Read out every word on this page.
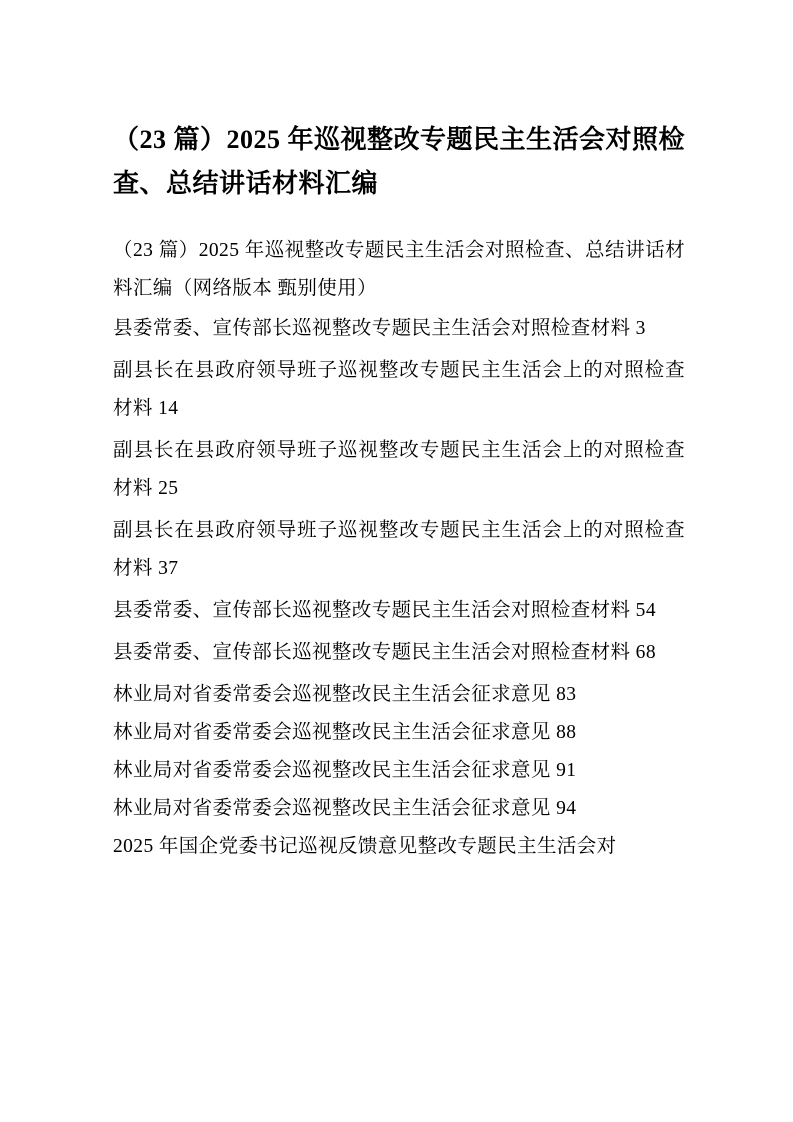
（23 篇）2025 年巡视整改专题民主生活会对照检查、总结讲话材料汇编

（23 篇）2025 年巡视整改专题民主生活会对照检查、总结讲话材料汇编（网络版本 甄别使用）

县委常委、宣传部长巡视整改专题民主生活会对照检查材料 3

副县长在县政府领导班子巡视整改专题民主生活会上的对照检查材料 14

副县长在县政府领导班子巡视整改专题民主生活会上的对照检查材料 25

副县长在县政府领导班子巡视整改专题民主生活会上的对照检查材料 37

县委常委、宣传部长巡视整改专题民主生活会对照检查材料 54

县委常委、宣传部长巡视整改专题民主生活会对照检查材料 68

林业局对省委常委会巡视整改民主生活会征求意见 83

林业局对省委常委会巡视整改民主生活会征求意见 88

林业局对省委常委会巡视整改民主生活会征求意见 91

林业局对省委常委会巡视整改民主生活会征求意见 94

2025 年国企党委书记巡视反馈意见整改专题民主生活会对
